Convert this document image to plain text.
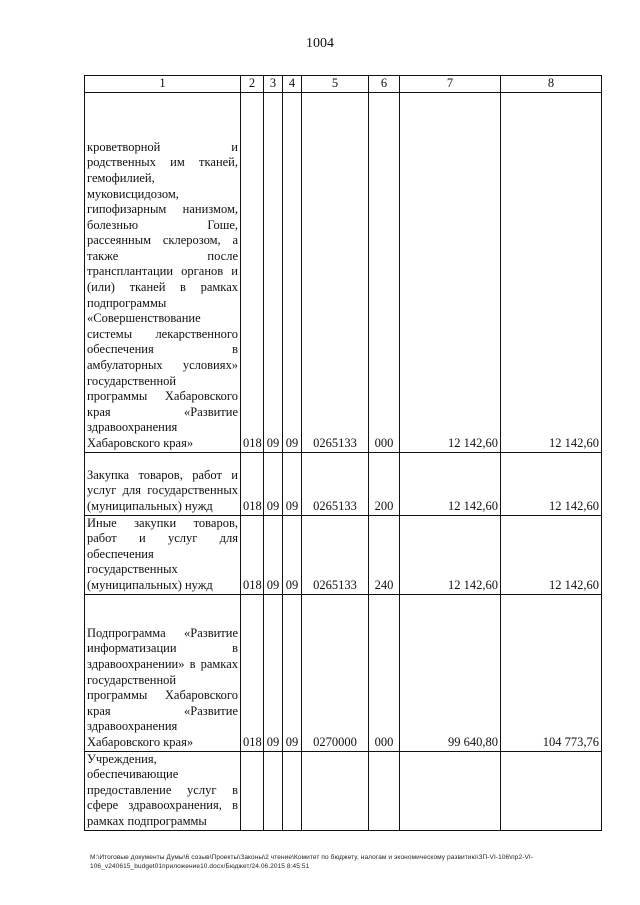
1004
1	2	3	4	5	6	7	8
кроветворной и родственных им тканей, гемофилией, муковисцидозом, гипофизарным нанизмом, болезнью Гоше, рассеянным склерозом, а также после трансплантации органов и (или) тканей в рамках подпрограммы «Совершенствование системы лекарственного обеспечения в амбулаторных условиях» государственной программы Хабаровского края «Развитие здравоохранения Хабаровского края»	018	09	09	0265133	000	12 142,60	12 142,60
Закупка товаров, работ и услуг для государственных (муниципальных) нужд	018	09	09	0265133	200	12 142,60	12 142,60
Иные закупки товаров, работ и услуг для обеспечения государственных (муниципальных) нужд	018	09	09	0265133	240	12 142,60	12 142,60
Подпрограмма «Развитие информатизации в здравоохранении» в рамках государственной программы Хабаровского края «Развитие здравоохранения Хабаровского края»	018	09	09	0270000	000	99 640,80	104 773,76
Учреждения, обеспечивающие предоставление услуг в сфере здравоохранения, в рамках подпрограммы							
M:\Итоговые документы Думы\6 созыв\Проекты\Законы\2 чтение\Комитет по бюджету, налогам и экономическому развитию\ЗП-VI-106\пр2-VI-
106_v240615_budget01приложение10.docx/Бюджет/24.06.2015 8:45:51
